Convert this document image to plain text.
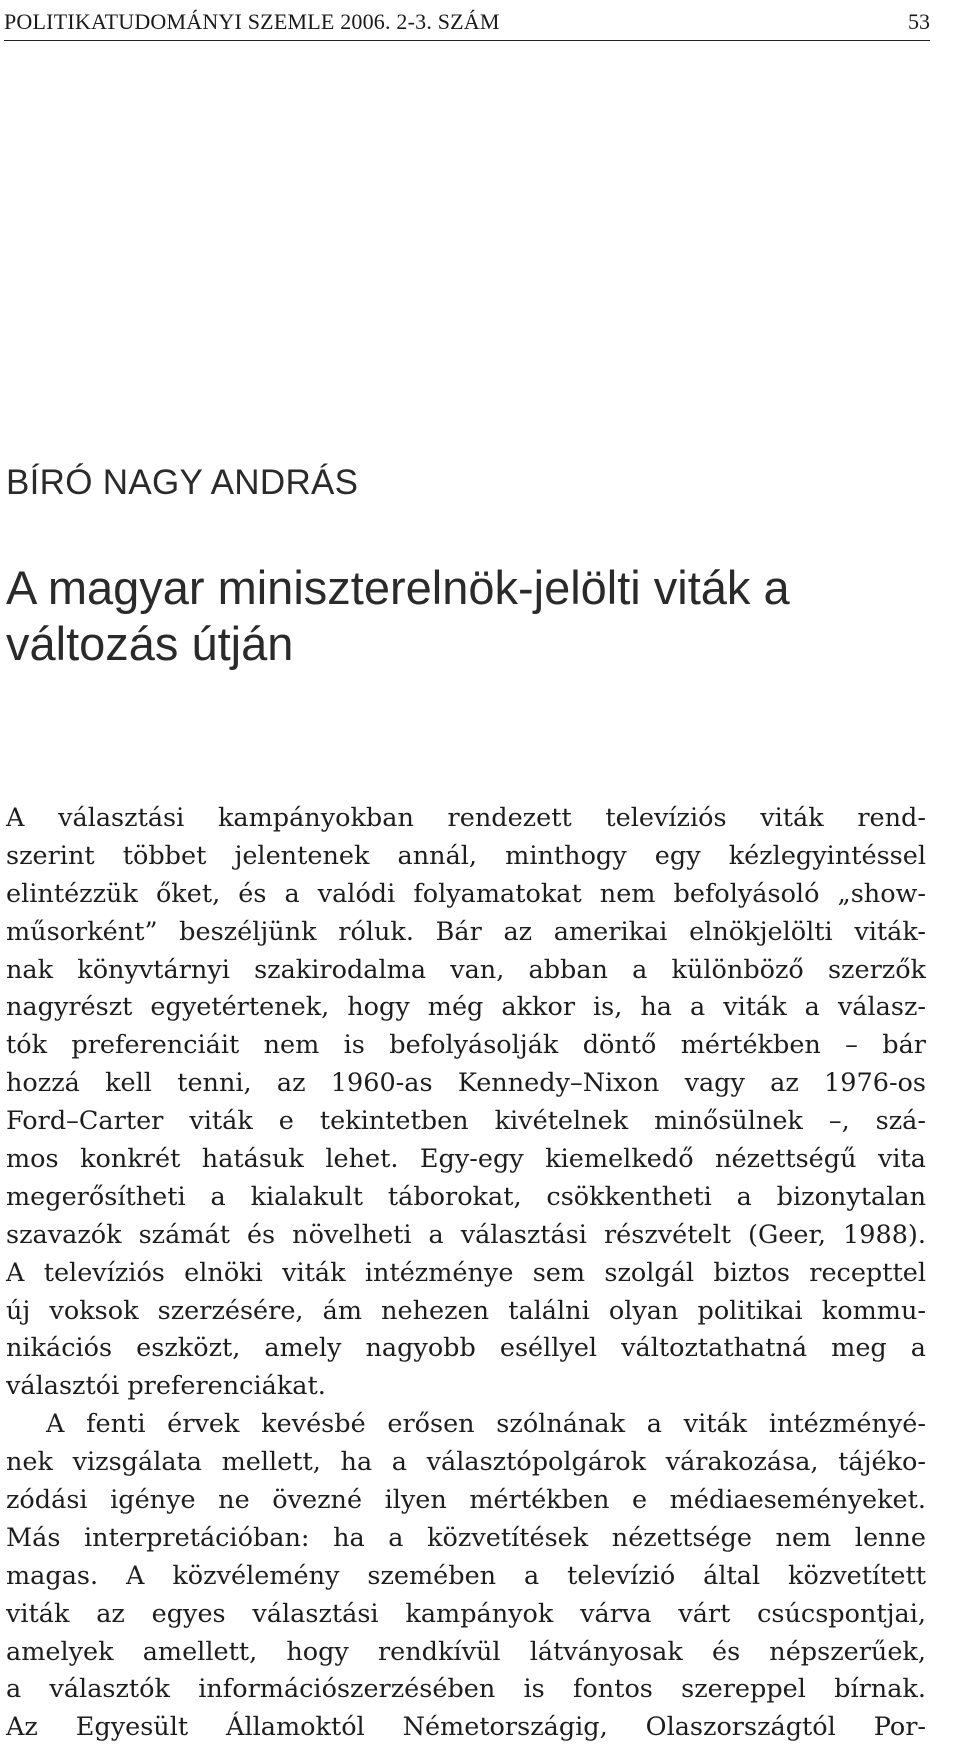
POLITIKATUDOMÁNYI SZEMLE 2006. 2-3. SZÁM	53
BÍRÓ NAGY ANDRÁS
A magyar miniszterelnök-jelölti viták a
változás útján
A választási kampányokban rendezett televíziós viták rend-
szerint többet jelentenek annál, minthogy egy kézlegyintéssel
elintézzük őket, és a valódi folyamatokat nem befolyásoló „show-
műsorként” beszéljünk róluk. Bár az amerikai elnökjelölti viták-
nak könyvtárnyi szakirodalma van, abban a különböző szerzők
nagyrészt egyetértenek, hogy még akkor is, ha a viták a válasz-
tók preferenciáit nem is befolyásolják döntő mértékben – bár
hozzá kell tenni, az 1960-as Kennedy–Nixon vagy az 1976-os
Ford–Carter viták e tekintetben kivételnek minősülnek –, szá-
mos konkrét hatásuk lehet. Egy-egy kiemelkedő nézettségű vita
megerősítheti a kialakult táborokat, csökkentheti a bizonytalan
szavazók számát és növelheti a választási részvételt (Geer, 1988).
A televíziós elnöki viták intézménye sem szolgál biztos recepttel
új voksok szerzésére, ám nehezen találni olyan politikai kommu-
nikációs eszközt, amely nagyobb eséllyel változtathatná meg a
választói preferenciákat.
A fenti érvek kevésbé erősen szólnának a viták intézményé-
nek vizsgálata mellett, ha a választópolgárok várakozása, tájéko-
zódási igénye ne övezné ilyen mértékben e médiaeseményeket.
Más interpretációban: ha a közvetítések nézettsége nem lenne
magas. A közvélemény szemében a televízió által közvetített
viták az egyes választási kampányok várva várt csúcspontjai,
amelyek amellett, hogy rendkívül látványosak és népszerűek,
a választók információszerzésében is fontos szereppel bírnak.
Az Egyesült Államoktól Németországig, Olaszországtól Por-
